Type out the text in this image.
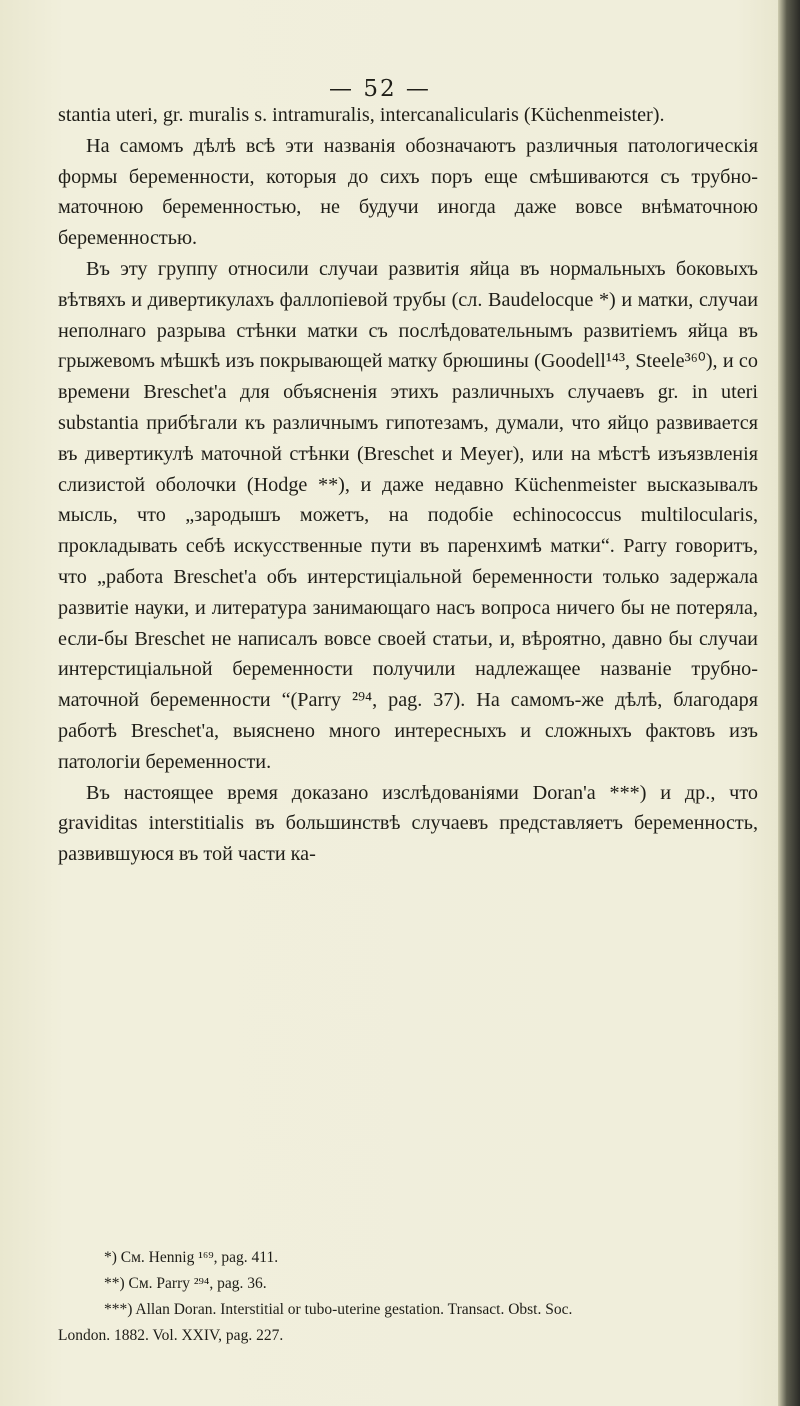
— 52 —

stantia uteri, gr. muralis s. intramuralis, intercanalicularis (Küchenmeister).

На самомъ дѣлѣ всѣ эти названія обозначаютъ различныя патологическія формы беременности, которыя до сихъ поръ еще смѣшиваются съ трубно-маточною беременностью, не будучи иногда даже вовсе внѣматочною беременностью.

Въ эту группу относили случаи развитія яйца въ нормальныхъ боковыхъ вѣтвяхъ и дивертикулахъ фаллопіевой трубы (сл. Baudelocque *) и матки, случаи неполнаго разрыва стѣнки матки съ послѣдовательнымъ развитіемъ яйца въ грыжевомъ мѣшкѣ изъ покрывающей матку брюшины (Goodell¹⁴³, Steele³⁶⁰), и со времени Breschet'а для объясненія этихъ различныхъ случаевъ gr. in uteri substantia прибѣгали къ различнымъ гипотезамъ, думали, что яйцо развивается въ дивертикулѣ маточной стѣнки (Breschet и Meyer), или на мѣстѣ изъязвленія слизистой оболочки (Hodge **), и даже недавно Küchenmeister высказывалъ мысль, что „зародышъ можетъ, на подобіе echinococcus multilocularis, прокладывать себѣ искусственные пути въ паренхимѣ матки“. Parry говоритъ, что „работа Breschet'а объ интерстиціальной беременности только задержала развитіе науки, и литература занимающаго насъ вопроса ничего бы не потеряла, если-бы Breschet не написалъ вовсе своей статьи, и, вѣроятно, давно бы случаи интерстиціальной беременности получили надлежащее названіе трубно-маточной беременности “(Parry ²⁹⁴, pag. 37). На самомъ-же дѣлѣ, благодаря работѣ Breschet'а, выяснено много интересныхъ и сложныхъ фактовъ изъ патологіи беременности.

Въ настоящее время доказано изслѣдованіями Doran'а ***) и др., что graviditas interstitialis въ большинствѣ случаевъ представляетъ беременность, развившуюся въ той части ка-

*) См. Hennig ¹⁶⁹, pag. 411.
**) См. Parry ²⁹⁴, pag. 36.
***) Allan Doran. Interstitial or tubo-uterine gestation. Transact. Obst. Soc.
London. 1882. Vol. XXIV, pag. 227.
